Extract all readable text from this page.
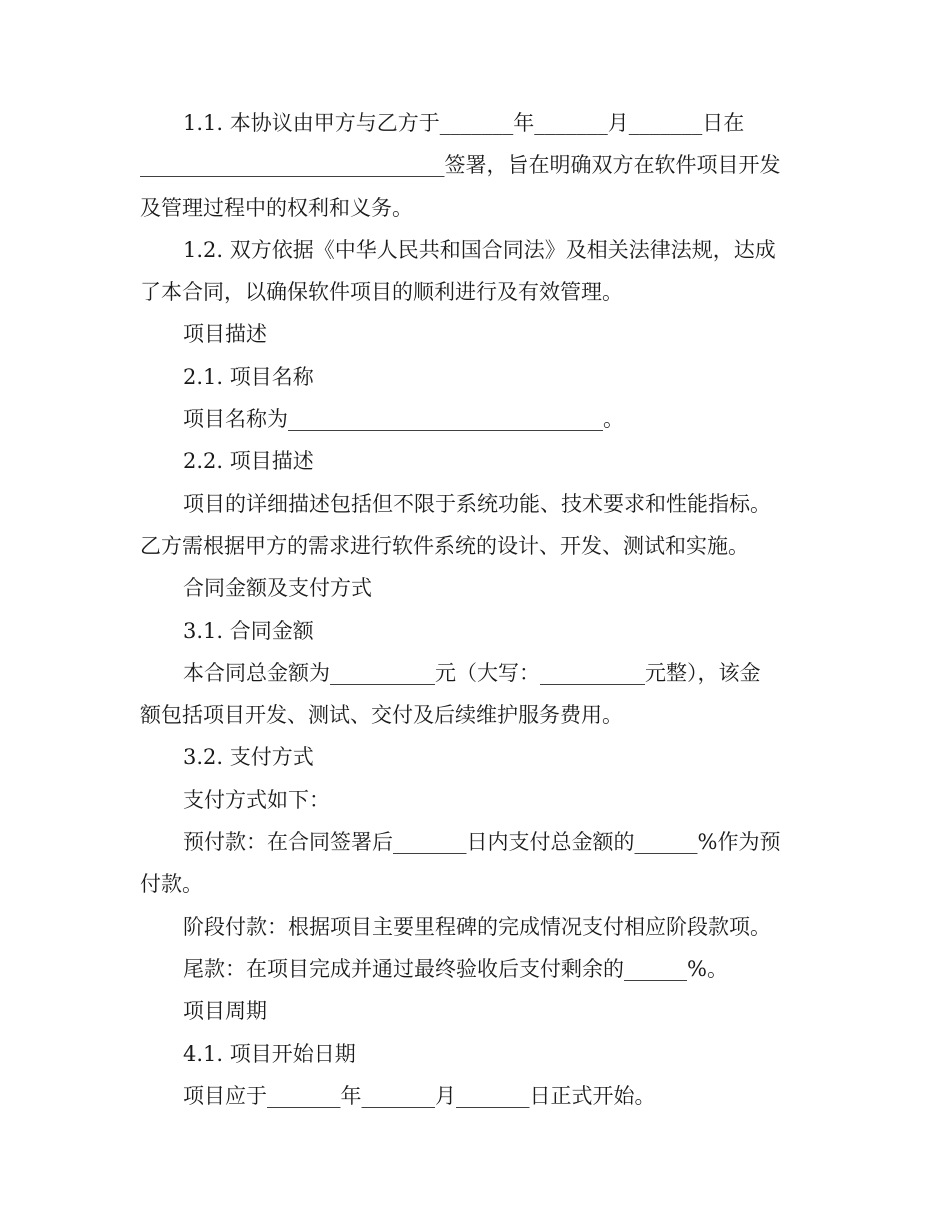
1.1. 本协议由甲方与乙方于_______年_______月_______日在

_____________________________签署，旨在明确双方在软件项目开发

及管理过程中的权利和义务。

1.2. 双方依据《中华人民共和国合同法》及相关法律法规，达成

了本合同，以确保软件项目的顺利进行及有效管理。

项目描述

2.1. 项目名称

项目名称为______________________________。

2.2. 项目描述

项目的详细描述包括但不限于系统功能、技术要求和性能指标。

乙方需根据甲方的需求进行软件系统的设计、开发、测试和实施。

合同金额及支付方式

3.1. 合同金额

本合同总金额为__________元（大写：__________元整），该金

额包括项目开发、测试、交付及后续维护服务费用。

3.2. 支付方式

支付方式如下：

预付款：在合同签署后_______日内支付总金额的______%作为预

付款。

阶段付款：根据项目主要里程碑的完成情况支付相应阶段款项。

尾款：在项目完成并通过最终验收后支付剩余的______%。

项目周期

4.1. 项目开始日期

项目应于_______年_______月_______日正式开始。
